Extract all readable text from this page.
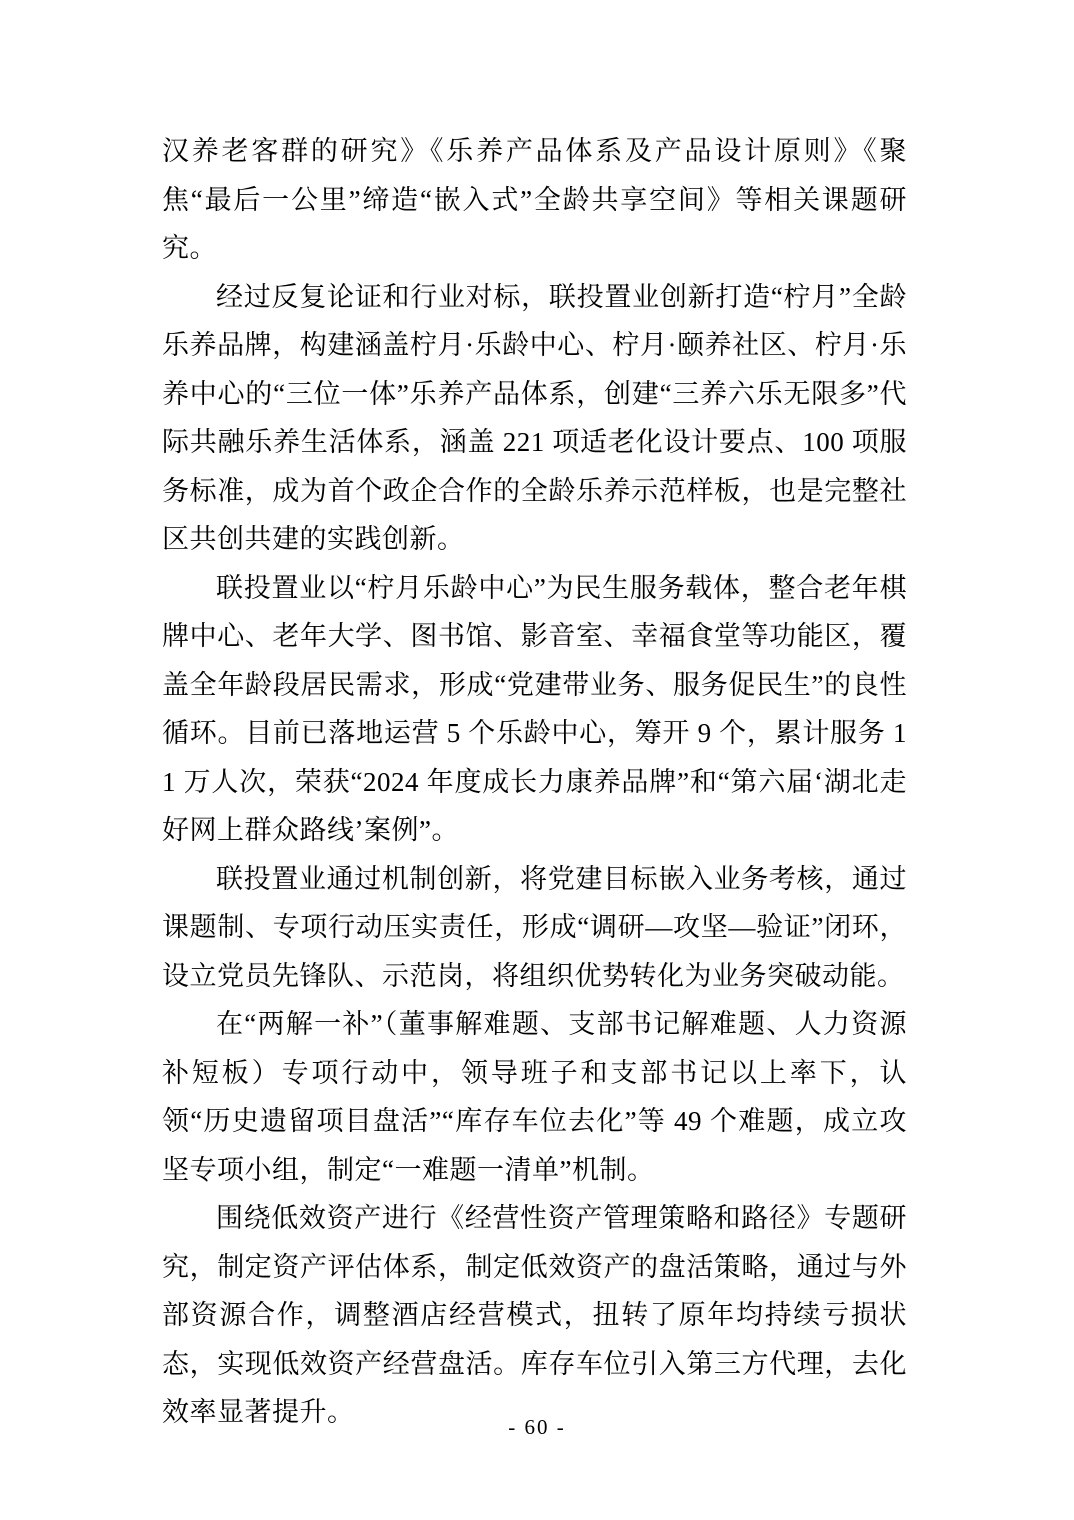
汉养老客群的研究》《乐养产品体系及产品设计原则》《聚焦“最后一公里”缔造“嵌入式”全龄共享空间》等相关课题研究。

经过反复论证和行业对标，联投置业创新打造“柠月”全龄乐养品牌，构建涵盖柠月·乐龄中心、柠月·颐养社区、柠月·乐养中心的“三位一体”乐养产品体系，创建“三养六乐无限多”代际共融乐养生活体系，涵盖 221 项适老化设计要点、100 项服务标准，成为首个政企合作的全龄乐养示范样板，也是完整社区共创共建的实践创新。

联投置业以“柠月乐龄中心”为民生服务载体，整合老年棋牌中心、老年大学、图书馆、影音室、幸福食堂等功能区，覆盖全年龄段居民需求，形成“党建带业务、服务促民生”的良性循环。目前已落地运营 5 个乐龄中心，筹开 9 个，累计服务 11 万人次，荣获“2024 年度成长力康养品牌”和“第六届‘湖北走好网上群众路线’案例”。

联投置业通过机制创新，将党建目标嵌入业务考核，通过课题制、专项行动压实责任，形成“调研—攻坚—验证”闭环，设立党员先锋队、示范岗，将组织优势转化为业务突破动能。

在“两解一补”（董事解难题、支部书记解难题、人力资源补短板）专项行动中，领导班子和支部书记以上率下，认领“历史遗留项目盘活”“库存车位去化”等 49 个难题，成立攻坚专项小组，制定“一难题一清单”机制。

围绕低效资产进行《经营性资产管理策略和路径》专题研究，制定资产评估体系，制定低效资产的盘活策略，通过与外部资源合作，调整酒店经营模式，扭转了原年均持续亏损状态，实现低效资产经营盘活。库存车位引入第三方代理，去化效率显著提升。	- 60 -
